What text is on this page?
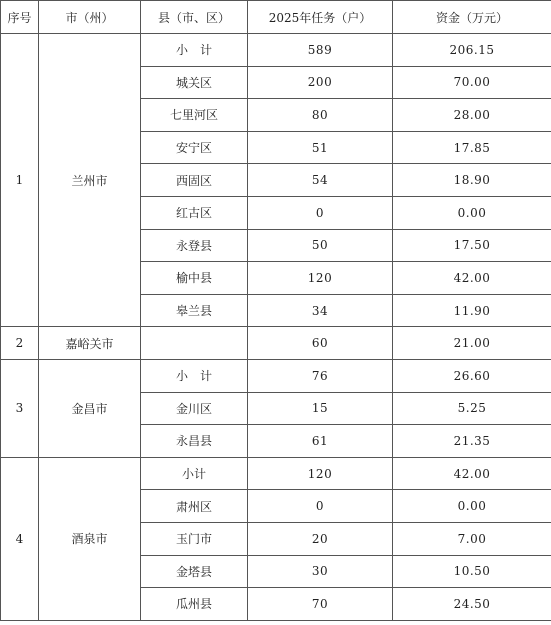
序号	市（州）	县（市、区）	2025年任务（户）	资金（万元）
1	兰州市	小　计	589	206.15
		城关区	200	70.00
		七里河区	80	28.00
		安宁区	51	17.85
		西固区	54	18.90
		红古区	0	0.00
		永登县	50	17.50
		榆中县	120	42.00
		皋兰县	34	11.90
2	嘉峪关市		60	21.00
3	金昌市	小　计	76	26.60
		金川区	15	5.25
		永昌县	61	21.35
4	酒泉市	小计	120	42.00
		肃州区	0	0.00
		玉门市	20	7.00
		金塔县	30	10.50
		瓜州县	70	24.50
